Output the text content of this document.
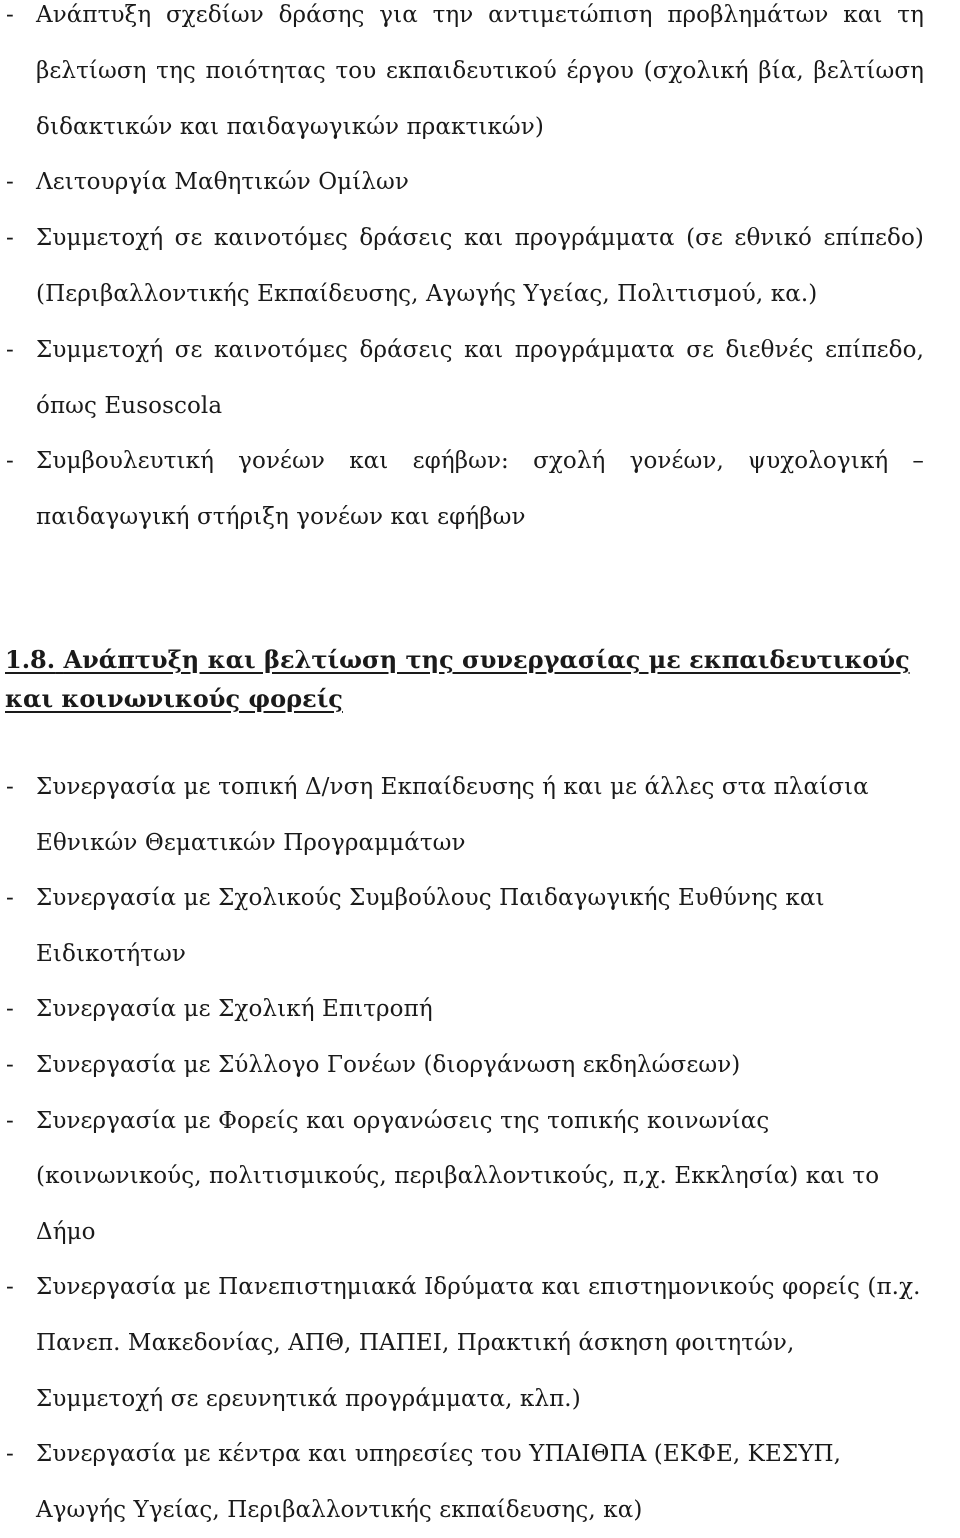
- Ανάπτυξη σχεδίων δράσης για την αντιμετώπιση προβλημάτων και τη βελτίωση της ποιότητας του εκπαιδευτικού έργου (σχολική βία, βελτίωση διδακτικών και παιδαγωγικών πρακτικών)
- Λειτουργία Μαθητικών Ομίλων
- Συμμετοχή σε καινοτόμες δράσεις και προγράμματα (σε εθνικό επίπεδο) (Περιβαλλοντικής Εκπαίδευσης, Αγωγής Υγείας, Πολιτισμού, κα.)
- Συμμετοχή σε καινοτόμες δράσεις και προγράμματα σε διεθνές επίπεδο, όπως Eusoscola
- Συμβουλευτική γονέων και εφήβων: σχολή γονέων, ψυχολογική – παιδαγωγική στήριξη γονέων και εφήβων
1.8. Ανάπτυξη και βελτίωση της συνεργασίας με εκπαιδευτικούς και κοινωνικούς φορείς
- Συνεργασία με τοπική Δ/νση Εκπαίδευσης ή και με άλλες στα πλαίσια Εθνικών Θεματικών Προγραμμάτων
- Συνεργασία με Σχολικούς Συμβούλους Παιδαγωγικής Ευθύνης και Ειδικοτήτων
- Συνεργασία με Σχολική Επιτροπή
- Συνεργασία με Σύλλογο Γονέων (διοργάνωση εκδηλώσεων)
- Συνεργασία με Φορείς και οργανώσεις της τοπικής κοινωνίας (κοινωνικούς, πολιτισμικούς, περιβαλλοντικούς, π,χ. Εκκλησία) και το Δήμο
- Συνεργασία με Πανεπιστημιακά Ιδρύματα και επιστημονικούς φορείς (π.χ. Πανεπ. Μακεδονίας, ΑΠΘ, ΠΑΠΕΙ, Πρακτική άσκηση φοιτητών, Συμμετοχή σε ερευνητικά προγράμματα, κλπ.)
- Συνεργασία με κέντρα και υπηρεσίες του ΥΠΑΙΘΠΑ (ΕΚΦΕ, ΚΕΣΥΠ, Αγωγής Υγείας, Περιβαλλοντικής εκπαίδευσης, κα)
